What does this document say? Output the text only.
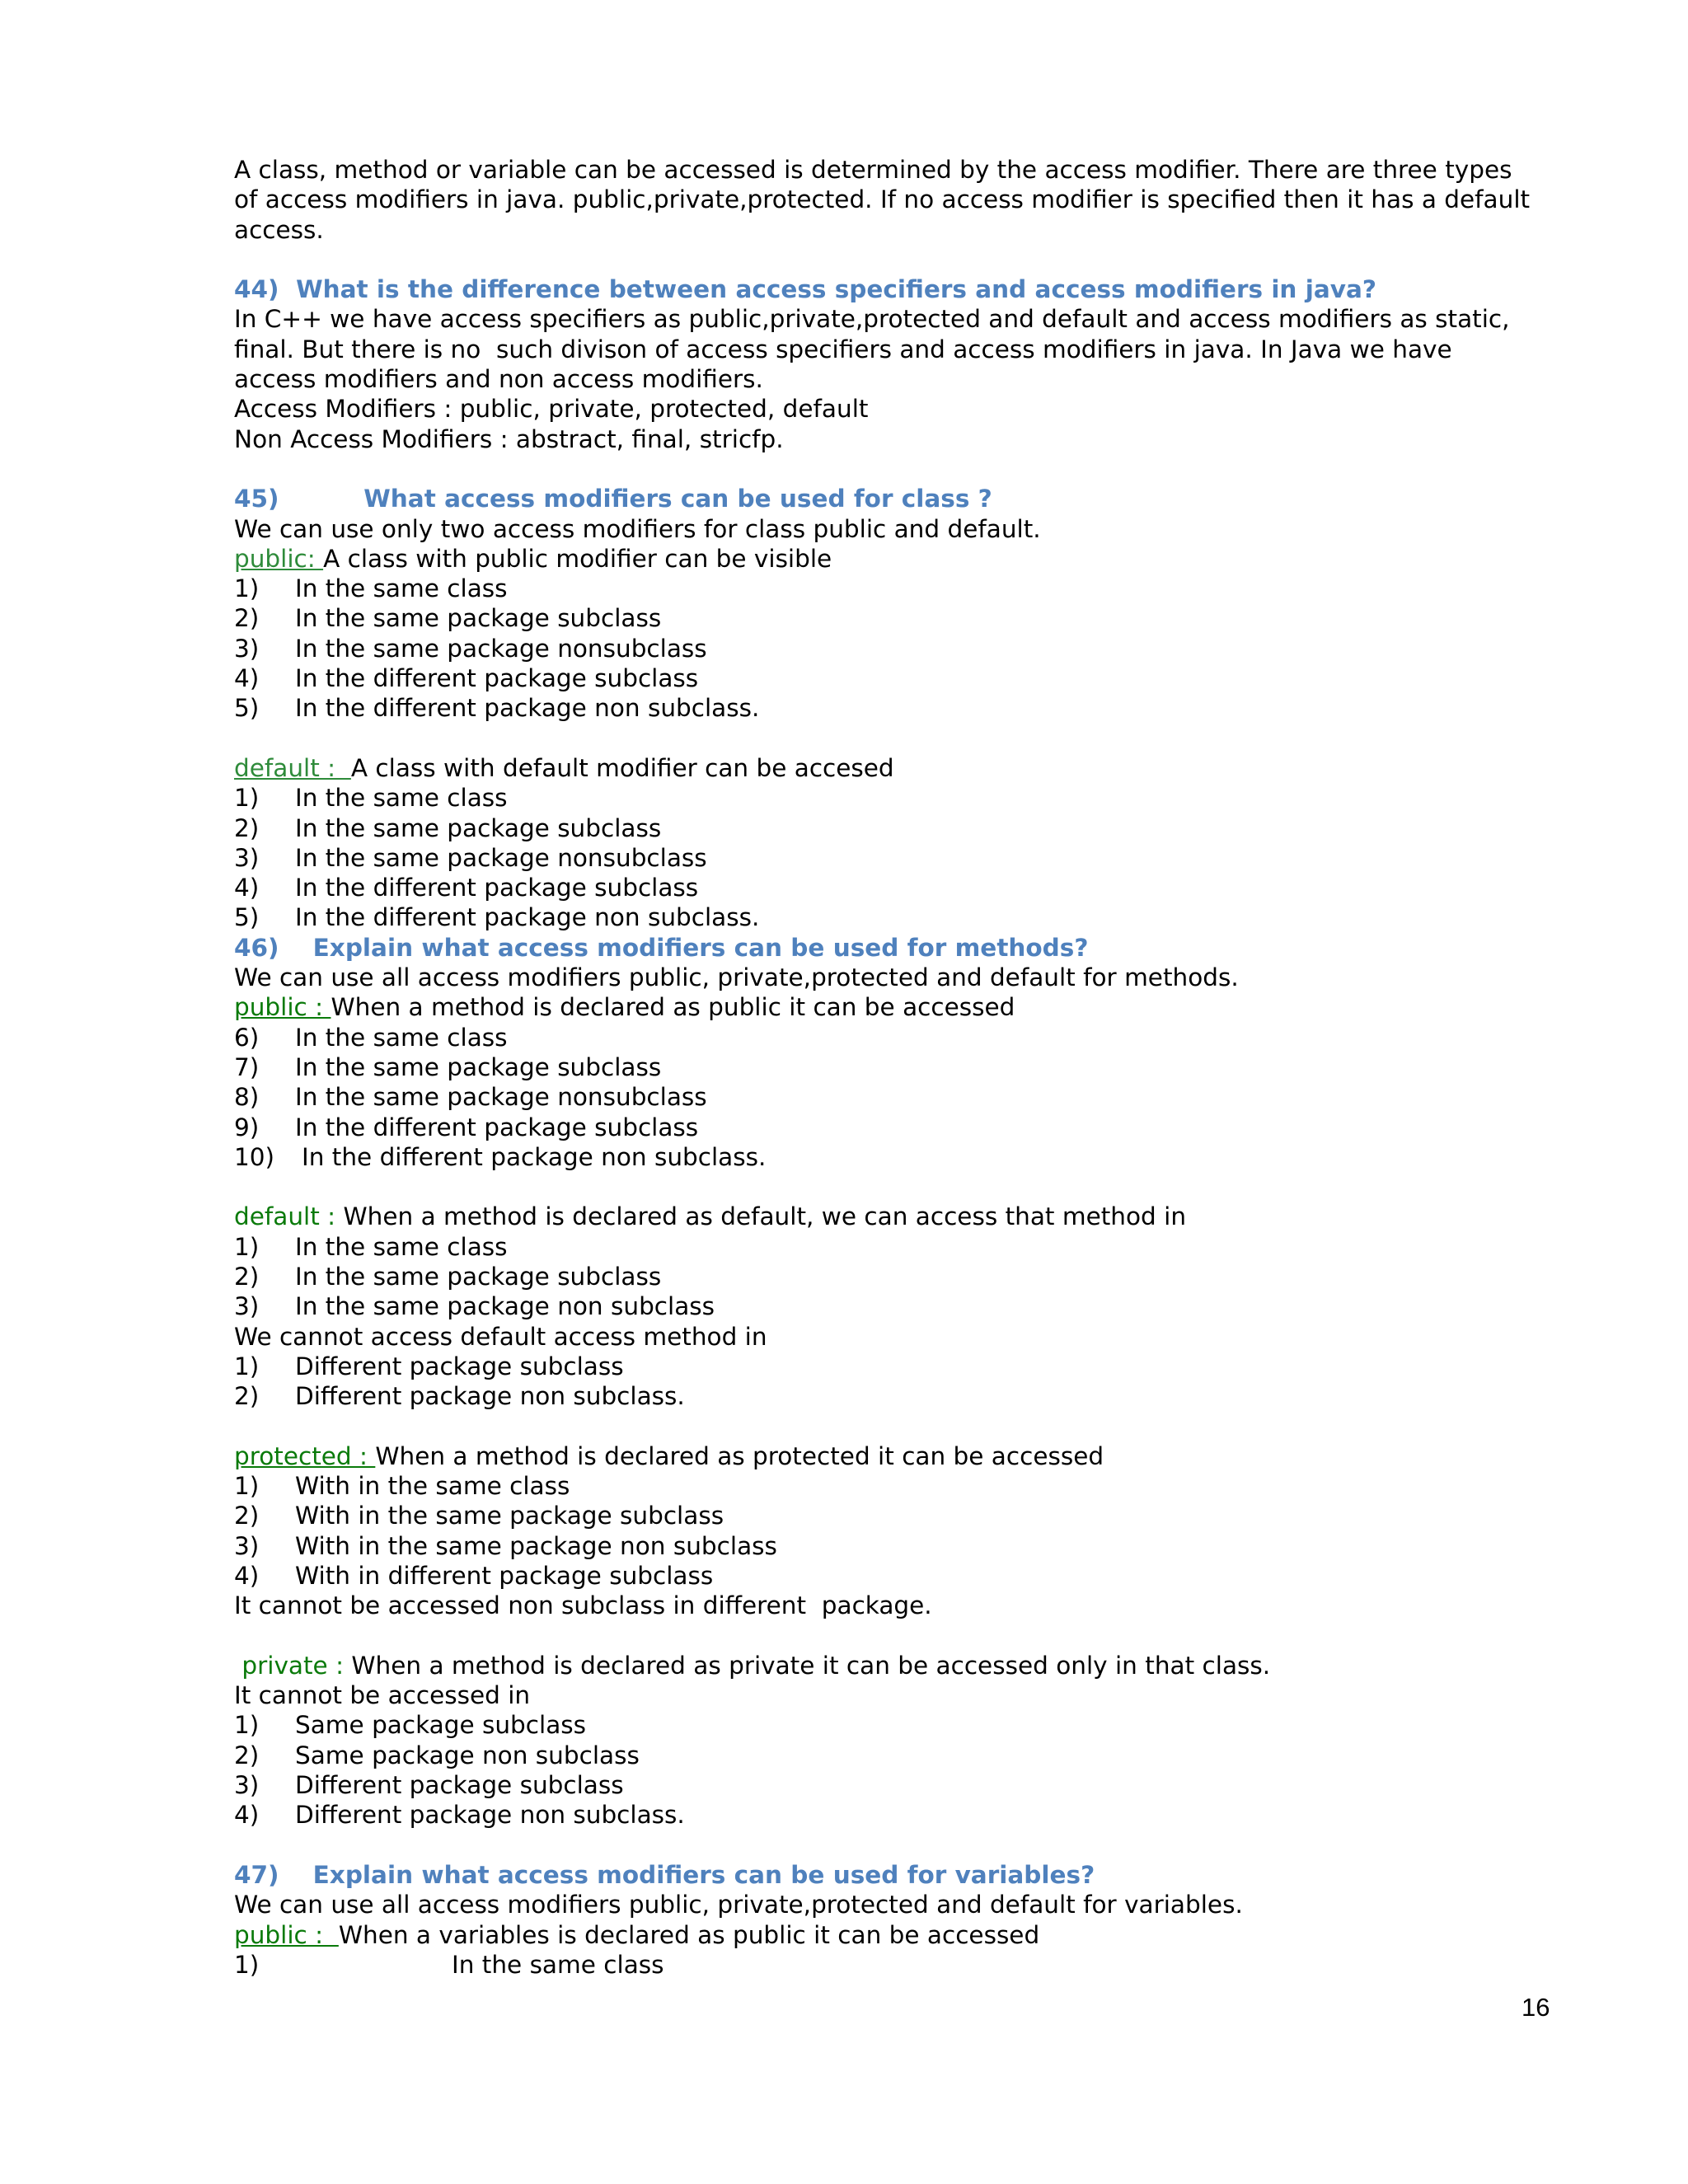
A class, method or variable can be accessed is determined by the access modifier. There are three types
of access modifiers in java. public,private,protected. If no access modifier is specified then it has a default
access.
44) What is the difference between access specifiers and access modifiers in java?
In C++ we have access specifiers as public,private,protected and default and access modifiers as static,
final. But there is no  such divison of access specifiers and access modifiers in java. In Java we have
access modifiers and non access modifiers.
Access Modifiers : public, private, protected, default
Non Access Modifiers : abstract, final, stricfp.
45)	What access modifiers can be used for class ?
We can use only two access modifiers for class public and default.
public: A class with public modifier can be visible
1)	In the same class
2)	In the same package subclass
3)	In the same package nonsubclass
4)	In the different package subclass
5)	In the different package non subclass.
default :  A class with default modifier can be accesed
1)	In the same class
2)	In the same package subclass
3)	In the same package nonsubclass
4)	In the different package subclass
5)	In the different package non subclass.
46) Explain what access modifiers can be used for methods?
We can use all access modifiers public, private,protected and default for methods.
public : When a method is declared as public it can be accessed
6)	In the same class
7)	In the same package subclass
8)	In the same package nonsubclass
9)	In the different package subclass
10)	In the different package non subclass.
default : When a method is declared as default, we can access that method in
1)	In the same class
2)	In the same package subclass
3)	In the same package non subclass
We cannot access default access method in
1)	Different package subclass
2)	Different package non subclass.
protected : When a method is declared as protected it can be accessed
1)	With in the same class
2)	With in the same package subclass
3)	With in the same package non subclass
4)	With in different package subclass
It cannot be accessed non subclass in different  package.
private : When a method is declared as private it can be accessed only in that class.
It cannot be accessed in
1)	Same package subclass
2)	Same package non subclass
3)	Different package subclass
4)	Different package non subclass.
47) Explain what access modifiers can be used for variables?
We can use all access modifiers public, private,protected and default for variables.
public :  When a variables is declared as public it can be accessed
1)	In the same class
16
